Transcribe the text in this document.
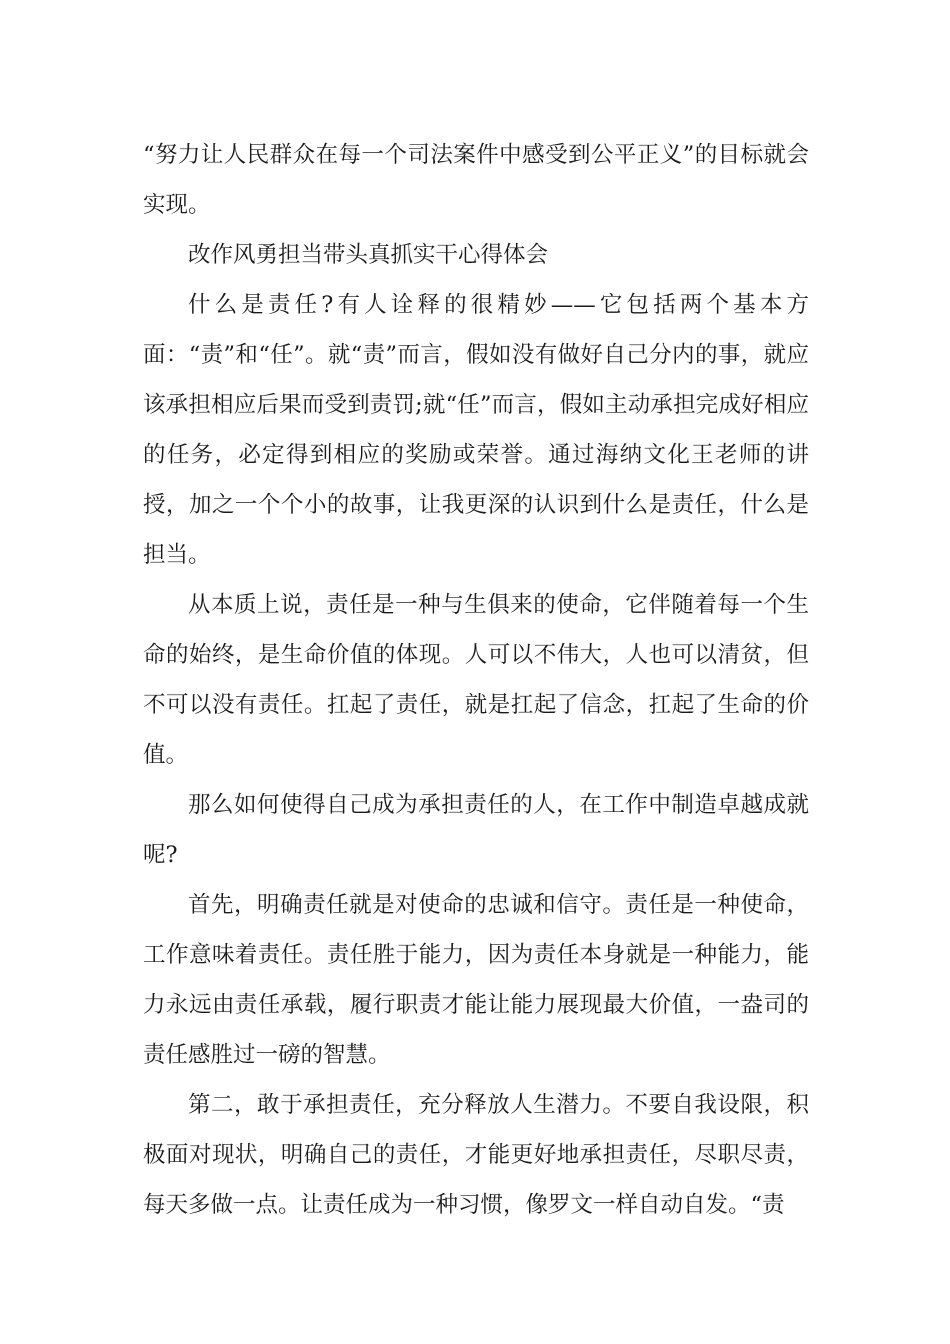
“努力让人民群众在每一个司法案件中感受到公平正义”的目标就会实现。

改作风勇担当带头真抓实干心得体会

什么是责任?有人诠释的很精妙——它包括两个基本方面：“责”和“任”。就“责”而言，假如没有做好自己分内的事，就应该承担相应后果而受到责罚;就“任”而言，假如主动承担完成好相应的任务，必定得到相应的奖励或荣誉。通过海纳文化王老师的讲授，加之一个个小的故事，让我更深的认识到什么是责任，什么是担当。

从本质上说，责任是一种与生俱来的使命，它伴随着每一个生命的始终，是生命价值的体现。人可以不伟大，人也可以清贫，但不可以没有责任。扛起了责任，就是扛起了信念，扛起了生命的价值。

那么如何使得自己成为承担责任的人，在工作中制造卓越成就呢?

首先，明确责任就是对使命的忠诚和信守。责任是一种使命，工作意味着责任。责任胜于能力，因为责任本身就是一种能力，能力永远由责任承载，履行职责才能让能力展现最大价值，一盎司的责任感胜过一磅的智慧。

第二，敢于承担责任，充分释放人生潜力。不要自我设限，积极面对现状，明确自己的责任，才能更好地承担责任，尽职尽责，每天多做一点。让责任成为一种习惯，像罗文一样自动自发。“责
